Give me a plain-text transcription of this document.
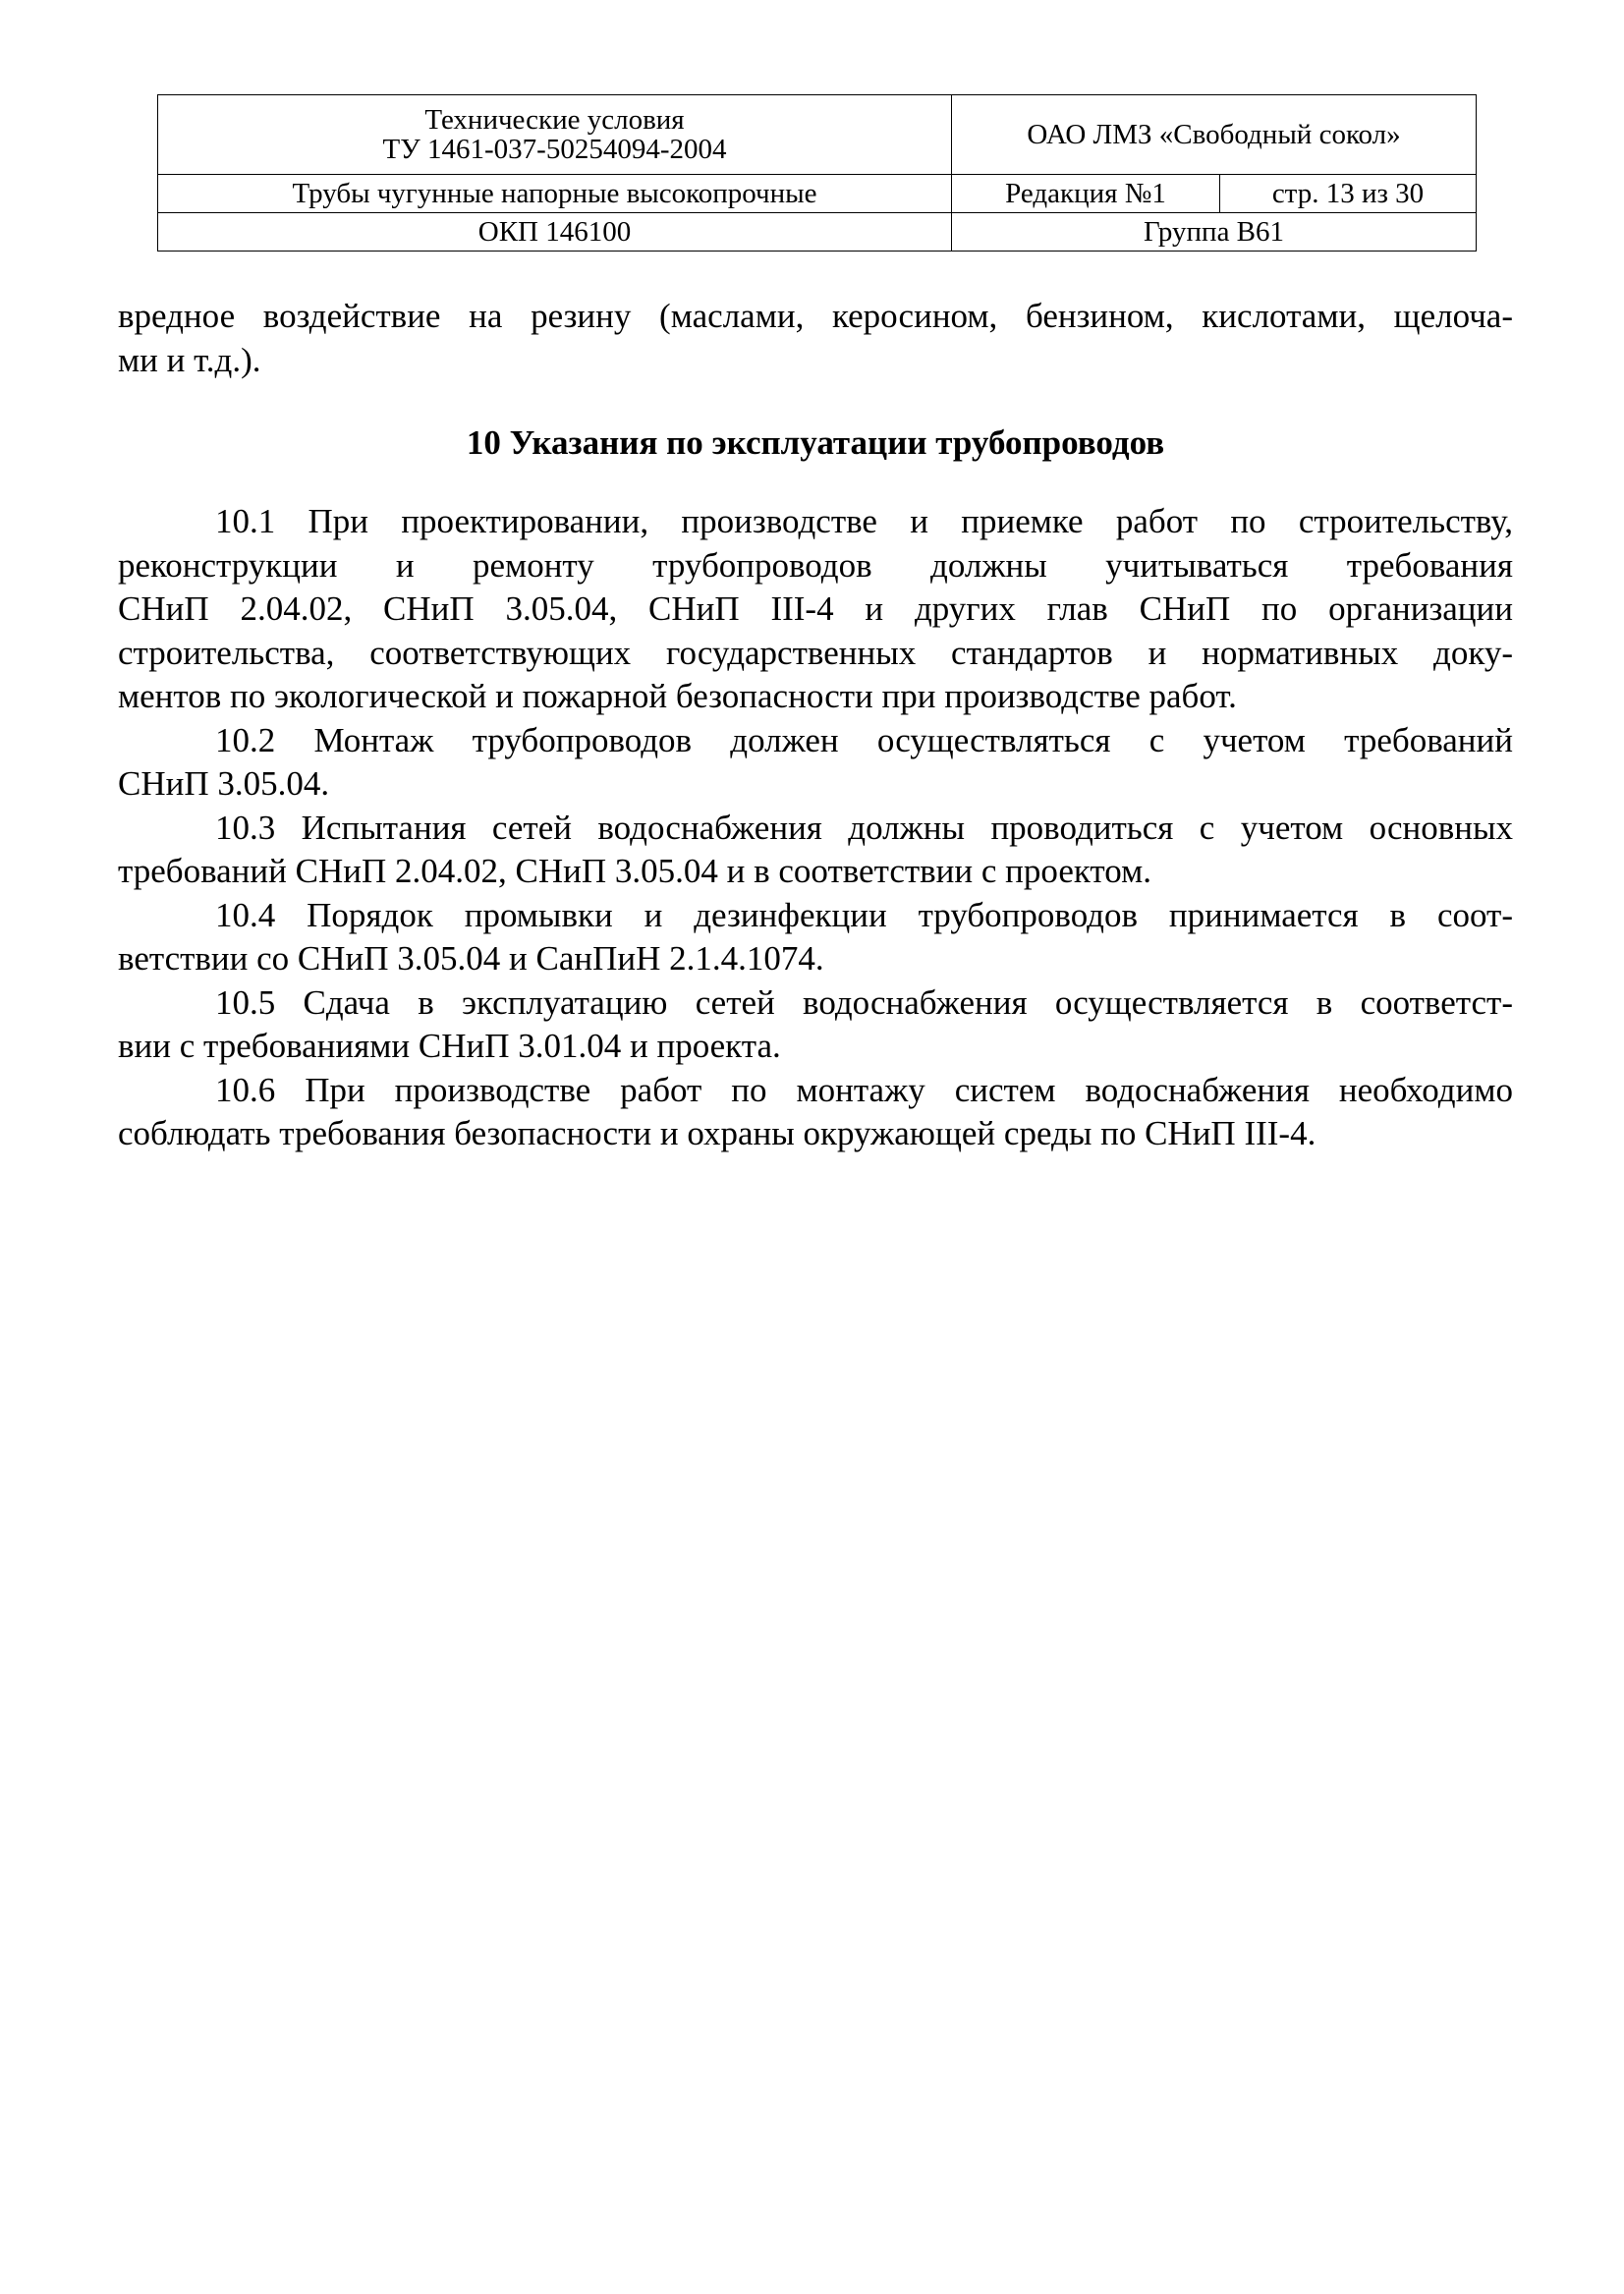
Технические условия
ТУ 1461-037-50254094-2004	ОАО ЛМЗ «Свободный сокол»	
Трубы чугунные напорные высокопрочные	Редакция №1	стр. 13 из 30
ОКП 146100	Группа В61	

вредное воздействие на резину (маслами, керосином, бензином, кислотами, щелоча-
ми и т.д.).

10 Указания по эксплуатации трубопроводов

10.1 При проектировании, производстве и приемке работ по строительству,
реконструкции и ремонту трубопроводов должны учитываться требования
СНиП 2.04.02, СНиП 3.05.04, СНиП III-4 и других глав СНиП по организации
строительства, соответствующих государственных стандартов и нормативных доку-
ментов по экологической и пожарной безопасности при производстве работ.

10.2 Монтаж трубопроводов должен осуществляться с учетом требований
СНиП 3.05.04.

10.3 Испытания сетей водоснабжения должны проводиться с учетом основных
требований СНиП 2.04.02, СНиП 3.05.04 и в соответствии с проектом.

10.4 Порядок промывки и дезинфекции трубопроводов принимается в соот-
ветствии со СНиП 3.05.04 и СанПиН 2.1.4.1074.

10.5 Сдача в эксплуатацию сетей водоснабжения осуществляется в соответст-
вии с требованиями СНиП 3.01.04 и проекта.

10.6 При производстве работ по монтажу систем водоснабжения необходимо
соблюдать требования безопасности и охраны окружающей среды по СНиП III-4.
